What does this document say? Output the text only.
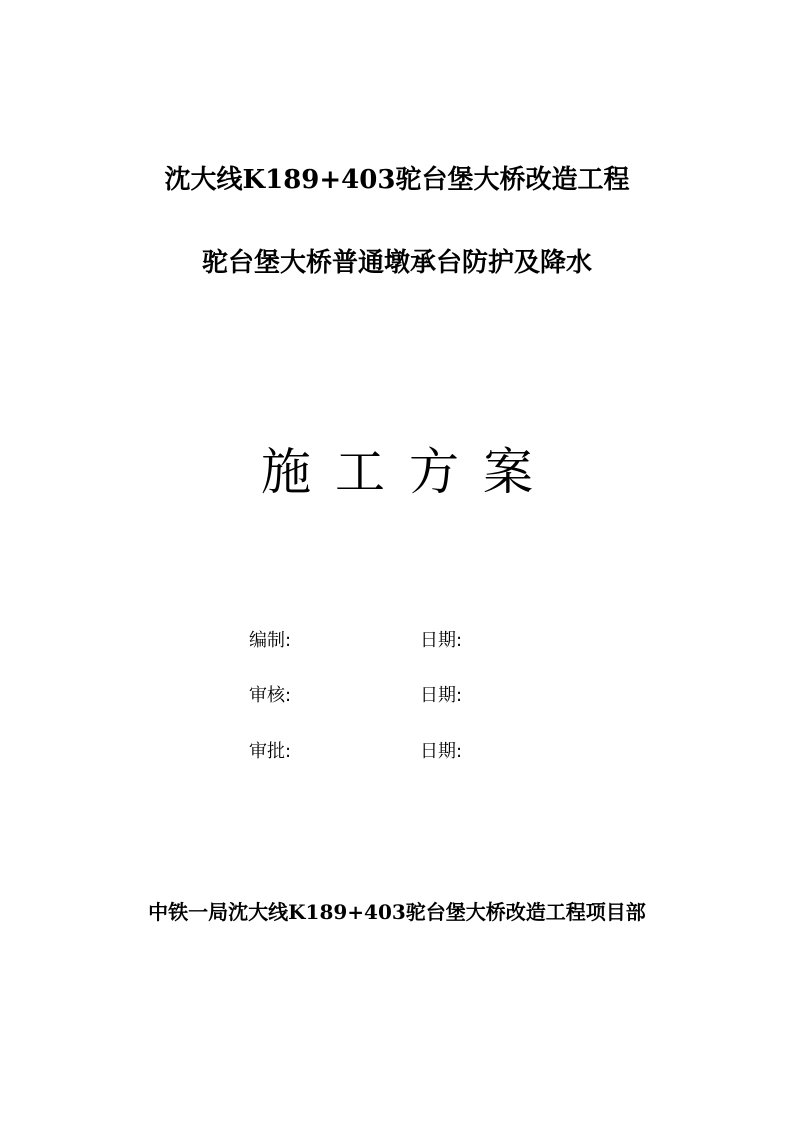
沈大线K189+403驼台堡大桥改造工程
驼台堡大桥普通墩承台防护及降水
施 工 方 案
编制:	日期:
审核:	日期:
审批:	日期:
中铁一局沈大线K189+403驼台堡大桥改造工程项目部
